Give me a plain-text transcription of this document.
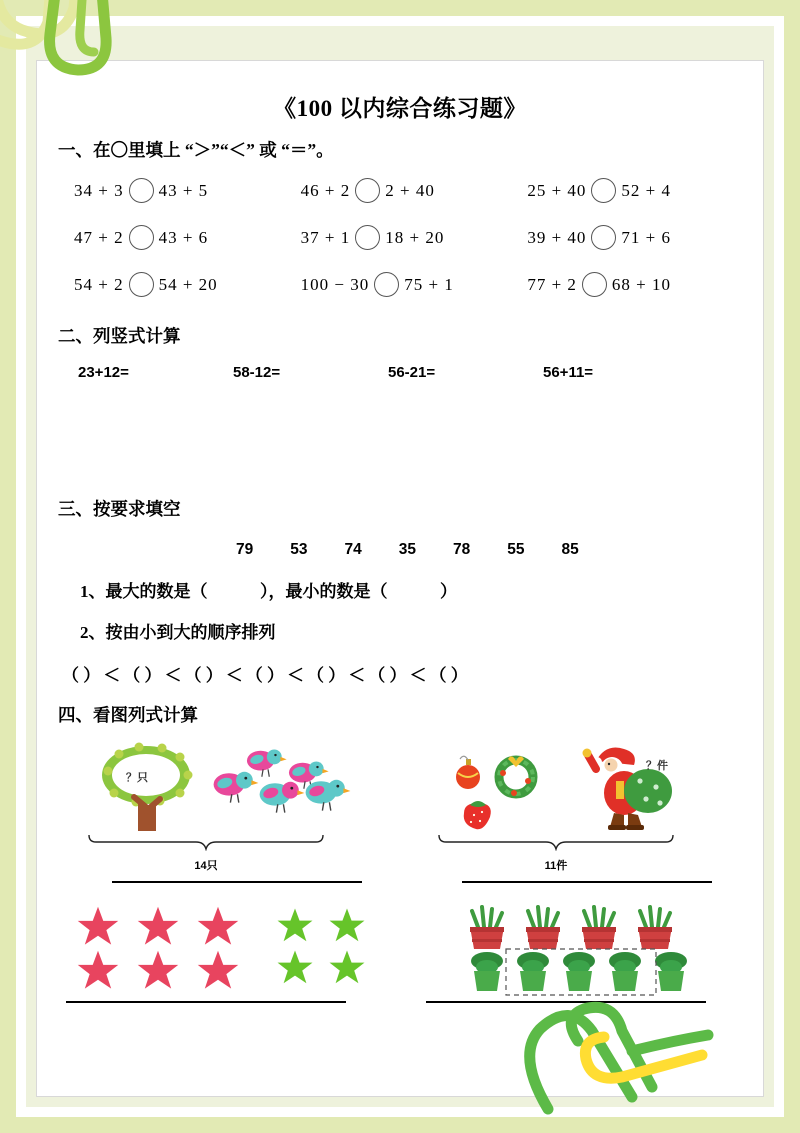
《100 以内综合练习题》
一、在〇里填上 “＞”“＜” 或 “＝”。
34 + 3 43 + 5	46 + 2 2 + 40	25 + 40 52 + 4
47 + 2 43 + 6	37 + 1 18 + 20	39 + 40 71 + 6
54 + 2 54 + 20	100 − 30 75 + 1	77 + 2 68 + 10
二、列竖式计算
23+12=	58-12=	56-21=	56+11=
三、按要求填空
79 53 74 35 78 55 85
1、最大的数是（	），最小的数是（	）
2、按由小到大的顺序排列
（ ） ＜ （ ） ＜ （ ） ＜ （ ） ＜ （ ） ＜ （ ） ＜ （ ）
四、看图列式计算
？只
14只
？件
11件
